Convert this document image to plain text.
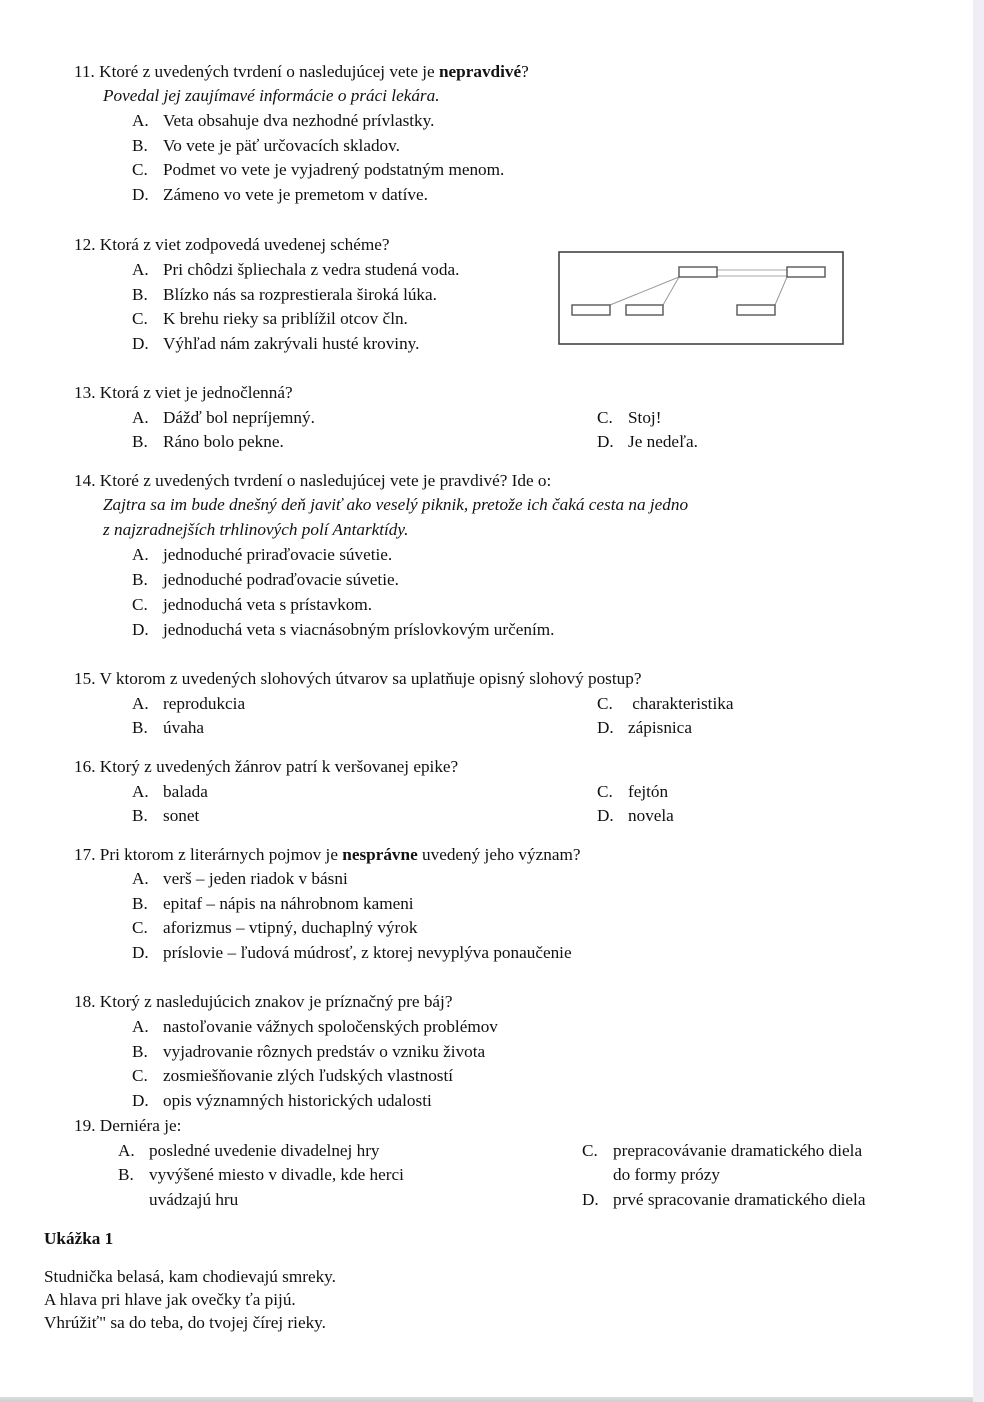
11. Ktoré z uvedených tvrdení o nasledujúcej vete je nepravdivé?
Povedal jej zaujímavé informácie o práci lekára.
A. Veta obsahuje dva nezhodné prívlastky.
B. Vo vete je päť určovacích skladov.
C. Podmet vo vete je vyjadrený podstatným menom.
D. Zámeno vo vete je premetom v datíve.
12. Ktorá z viet zodpovedá uvedenej schéme?
A. Pri chôdzi špliechala z vedra studená voda.
B. Blízko nás sa rozprestierala široká lúka.
C. K brehu rieky sa priblížil otcov čln.
D. Výhľad nám zakrývali husté kroviny.
13. Ktorá z viet je jednočlenná?
A. Dážď bol nepríjemný.
B. Ráno bolo pekne.
C. Stoj!
D. Je nedeľa.
14. Ktoré z uvedených tvrdení o nasledujúcej vete je pravdivé? Ide o:
Zajtra sa im bude dnešný deň javiť ako veselý piknik, pretože ich čaká cesta na jedno
z najzradnejších trhlinových polí Antarktídy.
A. jednoduché priraďovacie súvetie.
B. jednoduché podraďovacie súvetie.
C. jednoduchá veta s prístavkom.
D. jednoduchá veta s viacnásobným príslovkovým určením.
15. V ktorom z uvedených slohových útvarov sa uplatňuje opisný slohový postup?
A. reprodukcia
B. úvaha
C. charakteristika
D. zápisnica
16. Ktorý z uvedených žánrov patrí k veršovanej epike?
A. balada
B. sonet
C. fejtón
D. novela
17. Pri ktorom z literárnych pojmov je nesprávne uvedený jeho význam?
A. verš – jeden riadok v básni
B. epitaf – nápis na náhrobnom kameni
C. aforizmus – vtipný, duchaplný výrok
D. príslovie – ľudová múdrosť, z ktorej nevyplýva ponaučenie
18. Ktorý z nasledujúcich znakov je príznačný pre báj?
A. nastoľovanie vážnych spoločenských problémov
B. vyjadrovanie rôznych predstáv o vzniku života
C. zosmiešňovanie zlých ľudských vlastností
D. opis významných historických udalosti
19. Derniéra je:
A. posledné uvedenie divadelnej hry
B. vyvýšené miesto v divadle, kde herci
uvádzajú hru
C. prepracovávanie dramatického diela
do formy prózy
D. prvé spracovanie dramatického diela
Ukážka 1
Studnička belasá, kam chodievajú smreky.
A hlava pri hlave jak ovečky ťa pijú.
Vhrúžiť" sa do teba, do tvojej čírej rieky.
